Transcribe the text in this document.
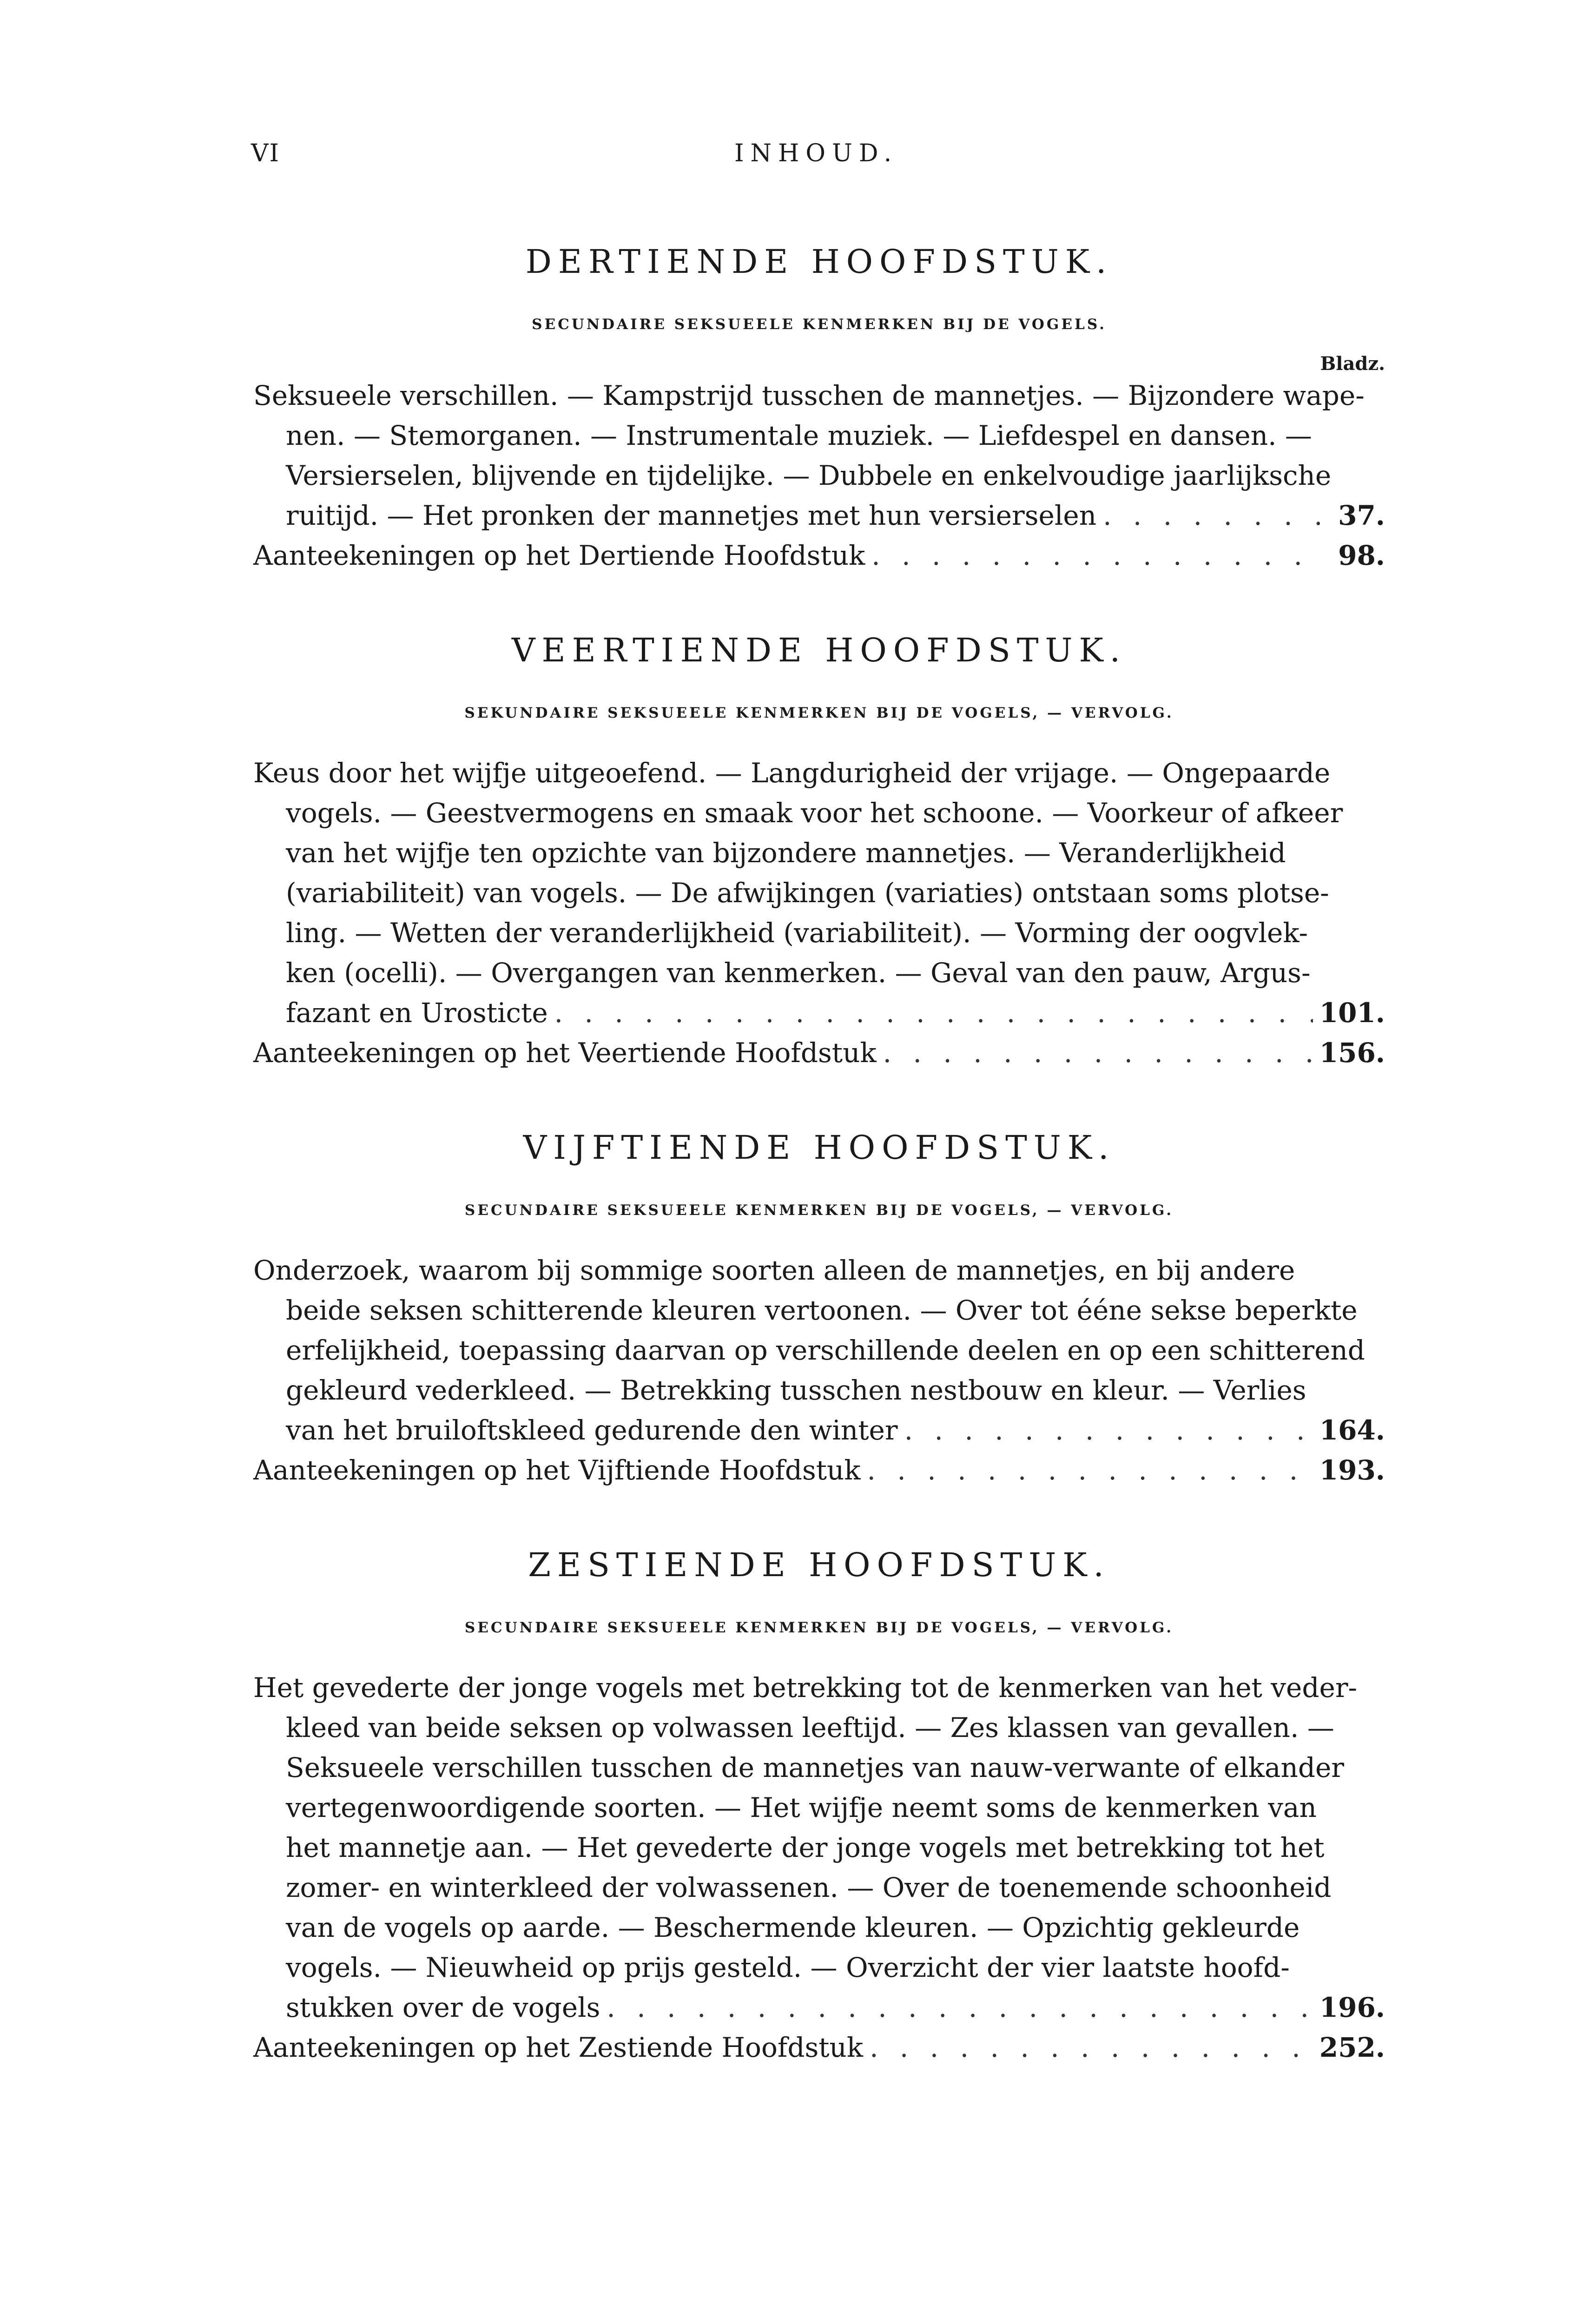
VI	INHOUD.
DERTIENDE HOOFDSTUK.
SECUNDAIRE SEKSUEELE KENMERKEN BIJ DE VOGELS.
Bladz.
Seksueele verschillen. — Kampstrijd tusschen de mannetjes. — Bijzondere wape-
nen. — Stemorganen. — Instrumentale muziek. — Liefdespel en dansen. —
Versierselen, blijvende en tijdelijke. — Dubbele en enkelvoudige jaarlijksche
ruitijd. — Het pronken der mannetjes met hun versierselen . . .	37.
Aanteekeningen op het Dertiende Hoofdstuk . . .	98.
VEERTIENDE HOOFDSTUK.
SEKUNDAIRE SEKSUEELE KENMERKEN BIJ DE VOGELS, — VERVOLG.
Keus door het wijfje uitgeoefend. — Langdurigheid der vrijage. — Ongepaarde
vogels. — Geestvermogens en smaak voor het schoone. — Voorkeur of afkeer
van het wijfje ten opzichte van bijzondere mannetjes. — Veranderlijkheid
(variabiliteit) van vogels. — De afwijkingen (variaties) ontstaan soms plotse-
ling. — Wetten der veranderlijkheid (variabiliteit). — Vorming der oogvlek-
ken (ocelli). — Overgangen van kenmerken. — Geval van den pauw, Argus-
fazant en Urosticte . . .	101.
Aanteekeningen op het Veertiende Hoofdstuk . . .	156.
VIJFTIENDE HOOFDSTUK.
SECUNDAIRE SEKSUEELE KENMERKEN BIJ DE VOGELS, — VERVOLG.
Onderzoek, waarom bij sommige soorten alleen de mannetjes, en bij andere
beide seksen schitterende kleuren vertoonen. — Over tot éénе sekse beperkte
erfelijkheid, toepassing daarvan op verschillende deelen en op een schitterend
gekleurd vederkleed. — Betrekking tusschen nestbouw en kleur. — Verlies
van het bruiloftskleed gedurende den winter . . .	164.
Aanteekeningen op het Vijftiende Hoofdstuk . . .	193.
ZESTIENDE HOOFDSTUK.
SECUNDAIRE SEKSUEELE KENMERKEN BIJ DE VOGELS, — VERVOLG.
Het gevederte der jonge vogels met betrekking tot de kenmerken van het veder-
kleed van beide seksen op volwassen leeftijd. — Zes klassen van gevallen. —
Seksueele verschillen tusschen de mannetjes van nauw-verwante of elkander
vertegenwoordigende soorten. — Het wijfje neemt soms de kenmerken van
het mannetje aan. — Het gevederte der jonge vogels met betrekking tot het
zomer- en winterkleed der volwassenen. — Over de toenemende schoonheid
van de vogels op aarde. — Beschermende kleuren. — Opzichtig gekleurde
vogels. — Nieuwheid op prijs gesteld. — Overzicht der vier laatste hoofd-
stukken over de vogels . . .	196.
Aanteekeningen op het Zestiende Hoofdstuk . . .	252.
